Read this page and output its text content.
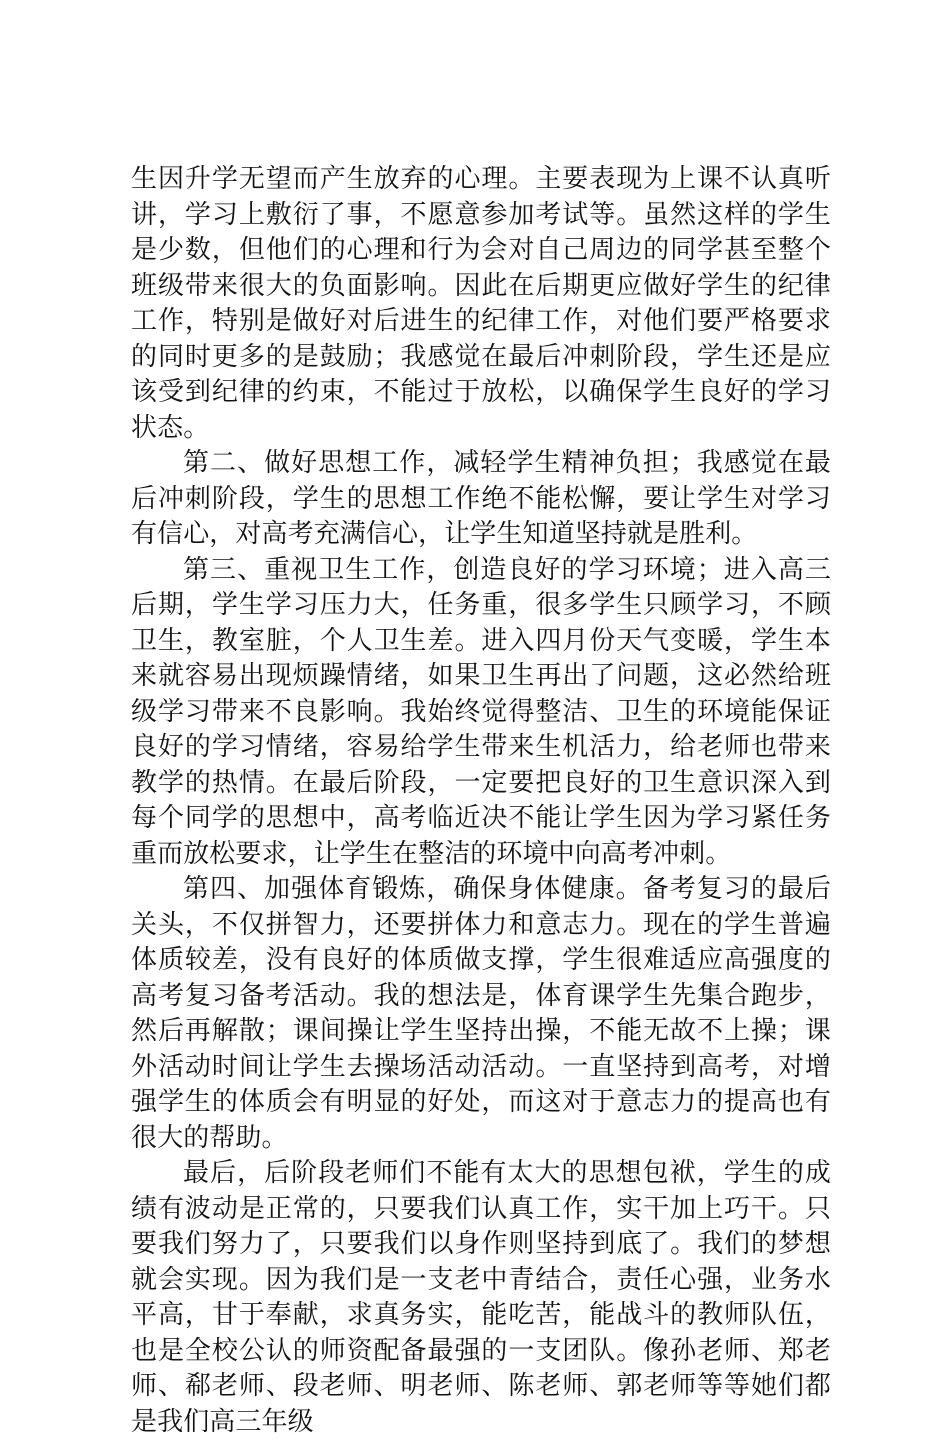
生因升学无望而产生放弃的心理。主要表现为上课不认真听讲，学习上敷衍了事，不愿意参加考试等。虽然这样的学生是少数，但他们的心理和行为会对自己周边的同学甚至整个班级带来很大的负面影响。因此在后期更应做好学生的纪律工作，特别是做好对后进生的纪律工作，对他们要严格要求的同时更多的是鼓励；我感觉在最后冲刺阶段，学生还是应该受到纪律的约束，不能过于放松，以确保学生良好的学习状态。

第二、做好思想工作，减轻学生精神负担；我感觉在最后冲刺阶段，学生的思想工作绝不能松懈，要让学生对学习有信心，对高考充满信心，让学生知道坚持就是胜利。

第三、重视卫生工作，创造良好的学习环境；进入高三后期，学生学习压力大，任务重，很多学生只顾学习，不顾卫生，教室脏，个人卫生差。进入四月份天气变暖，学生本来就容易出现烦躁情绪，如果卫生再出了问题，这必然给班级学习带来不良影响。我始终觉得整洁、卫生的环境能保证良好的学习情绪，容易给学生带来生机活力，给老师也带来教学的热情。在最后阶段，一定要把良好的卫生意识深入到每个同学的思想中，高考临近决不能让学生因为学习紧任务重而放松要求，让学生在整洁的环境中向高考冲刺。

第四、加强体育锻炼，确保身体健康。备考复习的最后关头，不仅拼智力，还要拼体力和意志力。现在的学生普遍体质较差，没有良好的体质做支撑，学生很难适应高强度的高考复习备考活动。我的想法是，体育课学生先集合跑步，然后再解散；课间操让学生坚持出操，不能无故不上操；课外活动时间让学生去操场活动活动。一直坚持到高考，对增强学生的体质会有明显的好处，而这对于意志力的提高也有很大的帮助。

最后，后阶段老师们不能有太大的思想包袱，学生的成绩有波动是正常的，只要我们认真工作，实干加上巧干。只要我们努力了，只要我们以身作则坚持到底了。我们的梦想就会实现。因为我们是一支老中青结合，责任心强，业务水平高，甘于奉献，求真务实，能吃苦，能战斗的教师队伍，也是全校公认的师资配备最强的一支团队。像孙老师、郑老师、郗老师、段老师、明老师、陈老师、郭老师等等她们都是我们高三年级
